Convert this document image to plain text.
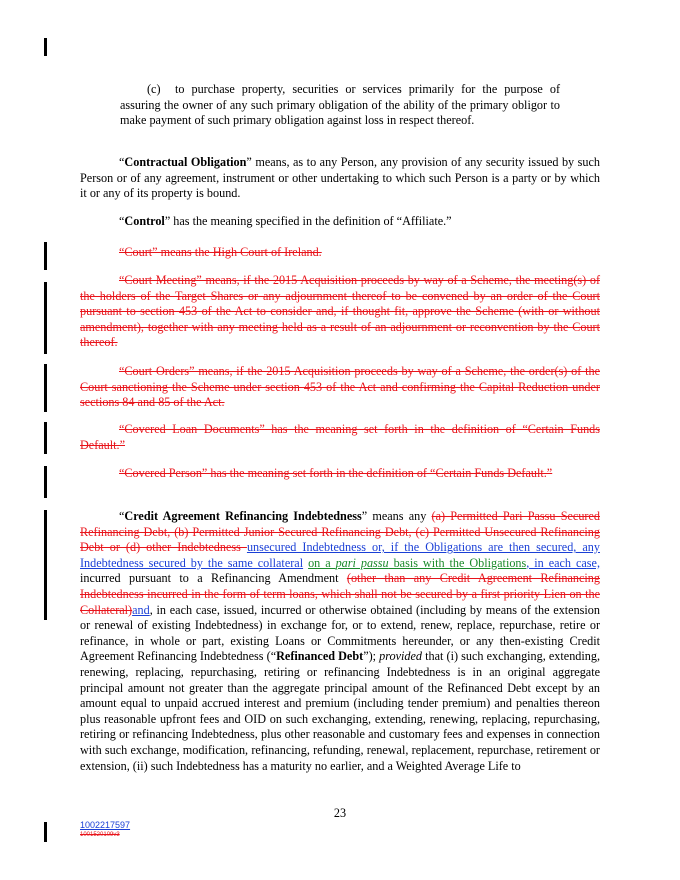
(c) to purchase property, securities or services primarily for the purpose of assuring the owner of any such primary obligation of the ability of the primary obligor to make payment of such primary obligation against loss in respect thereof.
“Contractual Obligation” means, as to any Person, any provision of any security issued by such Person or of any agreement, instrument or other undertaking to which such Person is a party or by which it or any of its property is bound.
“Control” has the meaning specified in the definition of “Affiliate.”
“Court” means the High Court of Ireland.
“Court Meeting” means, if the 2015 Acquisition proceeds by way of a Scheme, the meeting(s) of the holders of the Target Shares or any adjournment thereof to be convened by an order of the Court pursuant to section 453 of the Act to consider and, if thought fit, approve the Scheme (with or without amendment), together with any meeting held as a result of an adjournment or reconvention by the Court thereof.
“Court Orders” means, if the 2015 Acquisition proceeds by way of a Scheme, the order(s) of the Court sanctioning the Scheme under section 453 of the Act and confirming the Capital Reduction under sections 84 and 85 of the Act.
“Covered Loan Documents” has the meaning set forth in the definition of “Certain Funds Default.”
“Covered Person” has the meaning set forth in the definition of “Certain Funds Default.”
“Credit Agreement Refinancing Indebtedness” means any (a) Permitted Pari Passu Secured Refinancing Debt, (b) Permitted Junior Secured Refinancing Debt, (c) Permitted Unsecured Refinancing Debt or (d) other Indebtedness unsecured Indebtedness or, if the Obligations are then secured, any Indebtedness secured by the same collateral on a pari passu basis with the Obligations, in each case, incurred pursuant to a Refinancing Amendment (other than any Credit Agreement Refinancing Indebtedness incurred in the form of term loans, which shall not be secured by a first priority Lien on the Collateral)and, in each case, issued, incurred or otherwise obtained (including by means of the extension or renewal of existing Indebtedness) in exchange for, or to extend, renew, replace, repurchase, retire or refinance, in whole or part, existing Loans or Commitments hereunder, or any then-existing Credit Agreement Refinancing Indebtedness (“Refinanced Debt”); provided that (i) such exchanging, extending, renewing, replacing, repurchasing, retiring or refinancing Indebtedness is in an original aggregate principal amount not greater than the aggregate principal amount of the Refinanced Debt except by an amount equal to unpaid accrued interest and premium (including tender premium) and penalties thereon plus reasonable upfront fees and OID on such exchanging, extending, renewing, replacing, repurchasing, retiring or refinancing Indebtedness, plus other reasonable and customary fees and expenses in connection with such exchange, modification, refinancing, refunding, renewal, replacement, repurchase, retirement or extension, (ii) such Indebtedness has a maturity no earlier, and a Weighted Average Life to
23
1002217597
1001520109v3
